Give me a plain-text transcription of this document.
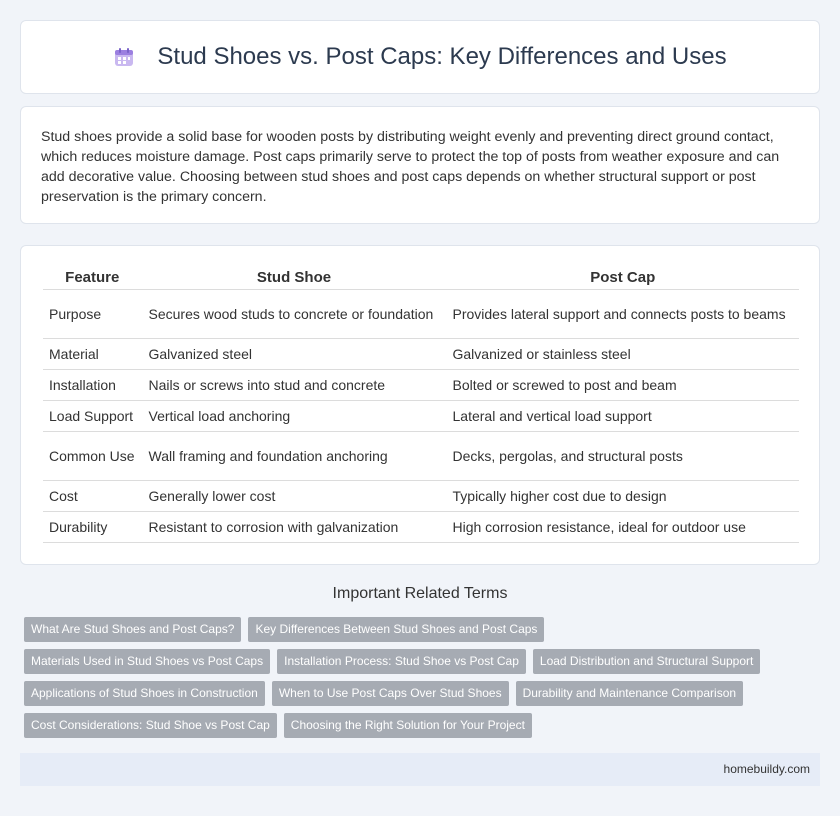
Stud Shoes vs. Post Caps: Key Differences and Uses

Stud shoes provide a solid base for wooden posts by distributing weight evenly and preventing direct ground contact, which reduces moisture damage. Post caps primarily serve to protect the top of posts from weather exposure and can add decorative value. Choosing between stud shoes and post caps depends on whether structural support or post preservation is the primary concern.

Feature	Stud Shoe	Post Cap
Purpose	Secures wood studs to concrete or foundation	Provides lateral support and connects posts to beams
Material	Galvanized steel	Galvanized or stainless steel
Installation	Nails or screws into stud and concrete	Bolted or screwed to post and beam
Load Support	Vertical load anchoring	Lateral and vertical load support
Common Use	Wall framing and foundation anchoring	Decks, pergolas, and structural posts
Cost	Generally lower cost	Typically higher cost due to design
Durability	Resistant to corrosion with galvanization	High corrosion resistance, ideal for outdoor use
Important Related Terms
What Are Stud Shoes and Post Caps?	Key Differences Between Stud Shoes and Post Caps
Materials Used in Stud Shoes vs Post Caps	Installation Process: Stud Shoe vs Post Cap	Load Distribution and Structural Support
Applications of Stud Shoes in Construction	When to Use Post Caps Over Stud Shoes	Durability and Maintenance Comparison
Cost Considerations: Stud Shoe vs Post Cap	Choosing the Right Solution for Your Project
homebuildy.com
